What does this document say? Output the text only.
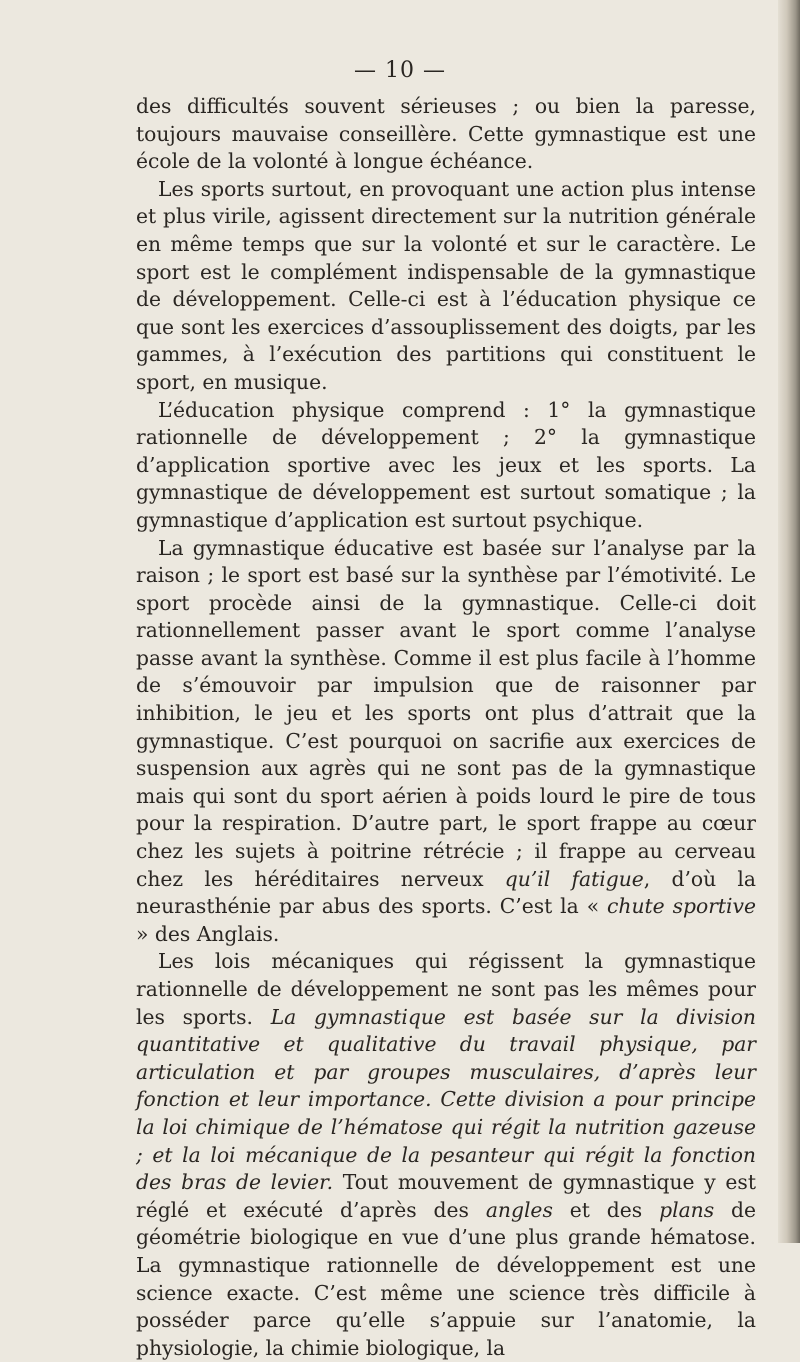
— 10 —

des difficultés souvent sérieuses ; ou bien la paresse, toujours mauvaise conseillère. Cette gymnastique est une école de la volonté à longue échéance.

Les sports surtout, en provoquant une action plus intense et plus virile, agissent directement sur la nutrition générale en même temps que sur la volonté et sur le caractère. Le sport est le complément indispensable de la gymnastique de développement. Celle-ci est à l’éducation physique ce que sont les exercices d’assouplissement des doigts, par les gammes, à l’exécution des partitions qui constituent le sport, en musique.

L’éducation physique comprend : 1° la gymnastique rationnelle de développement ; 2° la gymnastique d’application sportive avec les jeux et les sports. La gymnastique de développement est surtout somatique ; la gymnastique d’application est surtout psychique.

La gymnastique éducative est basée sur l’analyse par la raison ; le sport est basé sur la synthèse par l’émotivité. Le sport procède ainsi de la gymnastique. Celle-ci doit rationnellement passer avant le sport comme l’analyse passe avant la synthèse. Comme il est plus facile à l’homme de s’émouvoir par impulsion que de raisonner par inhibition, le jeu et les sports ont plus d’attrait que la gymnastique. C’est pourquoi on sacrifie aux exercices de suspension aux agrès qui ne sont pas de la gymnastique mais qui sont du sport aérien à poids lourd le pire de tous pour la respiration. D’autre part, le sport frappe au cœur chez les sujets à poitrine rétrécie ; il frappe au cerveau chez les héréditaires nerveux qu’il fatigue, d’où la neurasthénie par abus des sports. C’est la « chute sportive » des Anglais.

Les lois mécaniques qui régissent la gymnastique rationnelle de développement ne sont pas les mêmes pour les sports. La gymnastique est basée sur la division quantitative et qualitative du travail physique, par articulation et par groupes musculaires, d’après leur fonction et leur importance. Cette division a pour principe la loi chimique de l’hématose qui régit la nutrition gazeuse ; et la loi mécanique de la pesanteur qui régit la fonction des bras de levier. Tout mouvement de gymnastique y est réglé et exécuté d’après des angles et des plans de géométrie biologique en vue d’une plus grande hématose. La gymnastique rationnelle de développement est une science exacte. C’est même une science très difficile à posséder parce qu’elle s’appuie sur l’anatomie, la physiologie, la chimie biologique, la
